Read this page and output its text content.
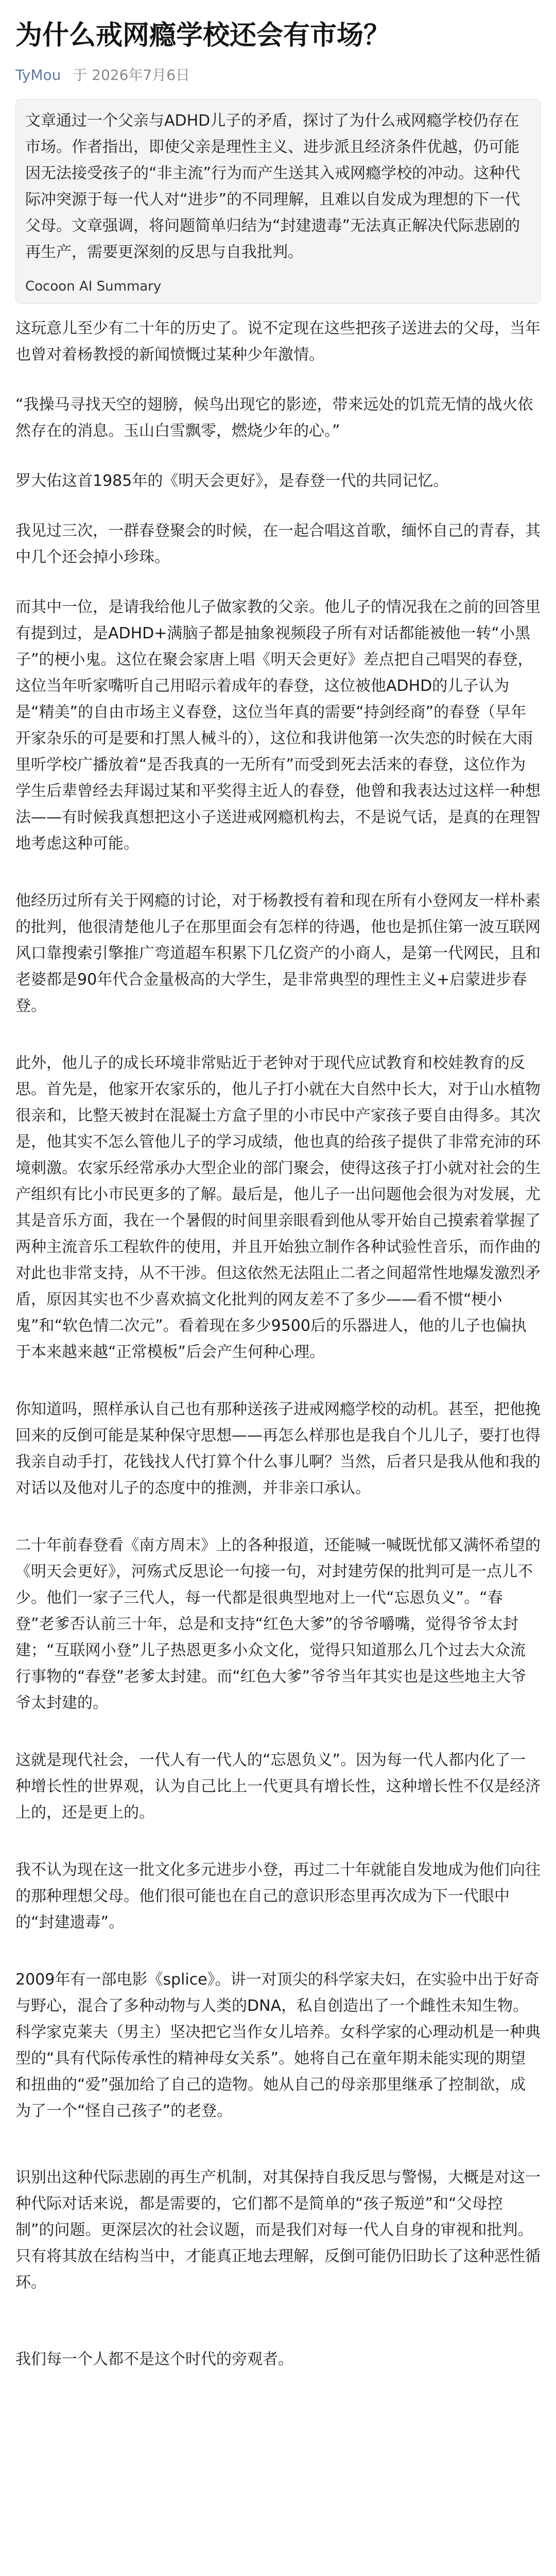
为什么戒网瘾学校还会有市场？
TyMou 于 2026年7月6日

文章通过一个父亲与ADHD儿子的矛盾，探讨了为什么戒网瘾学校仍存在市场。作者指出，即使父亲是理性主义、进步派且经济条件优越，仍可能因无法接受孩子的“非主流”行为而产生送其入戒网瘾学校的冲动。这种代际冲突源于每一代人对“进步”的不同理解，且难以自发成为理想的下一代父母。文章强调，将问题简单归结为“封建遗毒”无法真正解决代际悲剧的再生产，需要更深刻的反思与自我批判。

Cocoon AI Summary

这玩意儿至少有二十年的历史了。说不定现在这些把孩子送进去的父母，当年也曾对着杨教授的新闻愤慨过某种少年激情。

“我操马寻找天空的翅膀，候鸟出现它的影迹，带来远处的饥荒无情的战火依然存在的消息。玉山白雪飘零，燃烧少年的心。”

罗大佑这首1985年的《明天会更好》，是春登一代的共同记忆。

我见过三次，一群春登聚会的时候，在一起合唱这首歌，缅怀自己的青春，其中几个还会掉小珍珠。

而其中一位，是请我给他儿子做家教的父亲。他儿子的情况我在之前的回答里有提到过，是ADHD+满脑子都是抽象视频段子所有对话都能被他一转“小黑子”的梗小鬼。这位在聚会家唐上唱《明天会更好》差点把自己唱哭的春登，这位当年听家嘴听自己用昭示着成年的春登，这位被他ADHD的儿子认为是“精美”的自由市场主义春登，这位当年真的需要“持剑经商”的春登（早年开家杂乐的可是要和打黑人械斗的），这位和我讲他第一次失恋的时候在大雨里听学校广播放着“是否我真的一无所有”而受到死去活来的春登，这位作为学生后辈曾经去拜谒过某和平奖得主近人的春登，他曾和我表达过这样一种想法——有时候我真想把这小子送进戒网瘾机构去，不是说气话，是真的在理智地考虑这种可能。

他经历过所有关于网瘾的讨论，对于杨教授有着和现在所有小登网友一样朴素的批判，他很清楚他儿子在那里面会有怎样的待遇，他也是抓住第一波互联网风口靠搜索引擎推广弯道超车积累下几亿资产的小商人，是第一代网民，且和老婆都是90年代合金量极高的大学生，是非常典型的理性主义+启蒙进步春登。

此外，他儿子的成长环境非常贴近于老钟对于现代应试教育和校娃教育的反思。首先是，他家开农家乐的，他儿子打小就在大自然中长大，对于山水植物很亲和，比整天被封在混凝土方盒子里的小市民中产家孩子要自由得多。其次是，他其实不怎么管他儿子的学习成绩，他也真的给孩子提供了非常充沛的环境刺激。农家乐经常承办大型企业的部门聚会，使得这孩子打小就对社会的生产组织有比小市民更多的了解。最后是，他儿子一出问题他会很为对发展，尤其是音乐方面，我在一个暑假的时间里亲眼看到他从零开始自己摸索着掌握了两种主流音乐工程软件的使用，并且开始独立制作各种试验性音乐，而作曲的对此也非常支持，从不干涉。但这依然无法阻止二者之间超常性地爆发激烈矛盾，原因其实也不少喜欢搞文化批判的网友差不了多少——看不惯“梗小鬼”和“软色情二次元”。看着现在多少9500后的乐器进人，他的儿子也偏执于本来越来越“正常模板”后会产生何种心理。

你知道吗，照样承认自己也有那种送孩子进戒网瘾学校的动机。甚至，把他挽回来的反倒可能是某种保守思想——再怎么样那也是我自个儿儿子，要打也得我亲自动手打，花钱找人代打算个什么事儿啊？当然，后者只是我从他和我的对话以及他对儿子的态度中的推测，并非亲口承认。

二十年前春登看《南方周末》上的各种报道，还能喊一喊既忧郁又满怀希望的《明天会更好》，河殇式反思论一句接一句，对封建劳保的批判可是一点儿不少。他们一家子三代人，每一代都是很典型地对上一代“忘恩负义”。“春登”老爹否认前三十年，总是和支持“红色大爹”的爷爷嚼嘴，觉得爷爷太封建；“互联网小登”儿子热恩更多小众文化，觉得只知道那么几个过去大众流行事物的“春登”老爹太封建。而“红色大爹”爷爷当年其实也是这些地主大爷爷太封建的。

这就是现代社会，一代人有一代人的“忘恩负义”。因为每一代人都内化了一种增长性的世界观，认为自己比上一代更具有增长性，这种增长性不仅是经济上的，还是更上的。

我不认为现在这一批文化多元进步小登，再过二十年就能自发地成为他们向往的那种理想父母。他们很可能也在自己的意识形态里再次成为下一代眼中的“封建遗毒”。

2009年有一部电影《splice》。讲一对顶尖的科学家夫妇，在实验中出于好奇与野心，混合了多种动物与人类的DNA，私自创造出了一个雌性未知生物。科学家克莱夫（男主）坚决把它当作女儿培养。女科学家的心理动机是一种典型的“具有代际传承性的精神母女关系”。她将自己在童年期未能实现的期望和扭曲的“爱”强加给了自己的造物。她从自己的母亲那里继承了控制欲，成为了一个“怪自己孩子”的老登。

识别出这种代际悲剧的再生产机制，对其保持自我反思与警惕，大概是对这一种代际对话来说，都是需要的，它们都不是简单的“孩子叛逆”和“父母控制”的问题。更深层次的社会议题，而是我们对每一代人自身的审视和批判。只有将其放在结构当中，才能真正地去理解，反倒可能仍旧助长了这种恶性循环。

我们每一个人都不是这个时代的旁观者。
